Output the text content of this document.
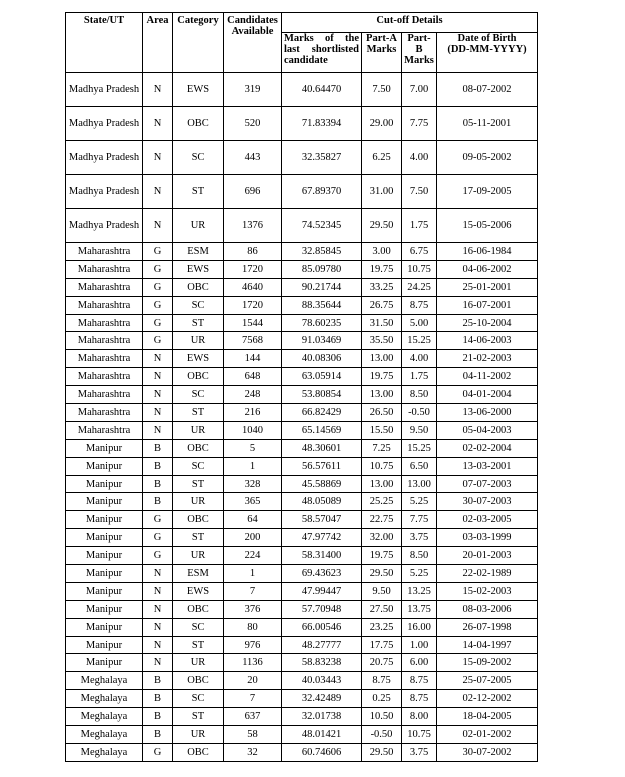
State/UT	Area	Category	Candidates Available	Cut-off Details			
				Marks of the last shortlisted candidate	Part-A Marks	Part-B Marks	Date of Birth
(DD-MM-YYYY)

Madhya Pradesh	N	EWS	319	40.64470	7.50	7.00	08-07-2002
Madhya Pradesh	N	OBC	520	71.83394	29.00	7.75	05-11-2001
Madhya Pradesh	N	SC	443	32.35827	6.25	4.00	09-05-2002
Madhya Pradesh	N	ST	696	67.89370	31.00	7.50	17-09-2005
Madhya Pradesh	N	UR	1376	74.52345	29.50	1.75	15-05-2006
Maharashtra	G	ESM	86	32.85845	3.00	6.75	16-06-1984
Maharashtra	G	EWS	1720	85.09780	19.75	10.75	04-06-2002
Maharashtra	G	OBC	4640	90.21744	33.25	24.25	25-01-2001
Maharashtra	G	SC	1720	88.35644	26.75	8.75	16-07-2001
Maharashtra	G	ST	1544	78.60235	31.50	5.00	25-10-2004
Maharashtra	G	UR	7568	91.03469	35.50	15.25	14-06-2003
Maharashtra	N	EWS	144	40.08306	13.00	4.00	21-02-2003
Maharashtra	N	OBC	648	63.05914	19.75	1.75	04-11-2002
Maharashtra	N	SC	248	53.80854	13.00	8.50	04-01-2004
Maharashtra	N	ST	216	66.82429	26.50	-0.50	13-06-2000
Maharashtra	N	UR	1040	65.14569	15.50	9.50	05-04-2003
Manipur	B	OBC	5	48.30601	7.25	15.25	02-02-2004
Manipur	B	SC	1	56.57611	10.75	6.50	13-03-2001
Manipur	B	ST	328	45.58869	13.00	13.00	07-07-2003
Manipur	B	UR	365	48.05089	25.25	5.25	30-07-2003
Manipur	G	OBC	64	58.57047	22.75	7.75	02-03-2005
Manipur	G	ST	200	47.97742	32.00	3.75	03-03-1999
Manipur	G	UR	224	58.31400	19.75	8.50	20-01-2003
Manipur	N	ESM	1	69.43623	29.50	5.25	22-02-1989
Manipur	N	EWS	7	47.99447	9.50	13.25	15-02-2003
Manipur	N	OBC	376	57.70948	27.50	13.75	08-03-2006
Manipur	N	SC	80	66.00546	23.25	16.00	26-07-1998
Manipur	N	ST	976	48.27777	17.75	1.00	14-04-1997
Manipur	N	UR	1136	58.83238	20.75	6.00	15-09-2002
Meghalaya	B	OBC	20	40.03443	8.75	8.75	25-07-2005
Meghalaya	B	SC	7	32.42489	0.25	8.75	02-12-2002
Meghalaya	B	ST	637	32.01738	10.50	8.00	18-04-2005
Meghalaya	B	UR	58	48.01421	-0.50	10.75	02-01-2002
Meghalaya	G	OBC	32	60.74606	29.50	3.75	30-07-2002
